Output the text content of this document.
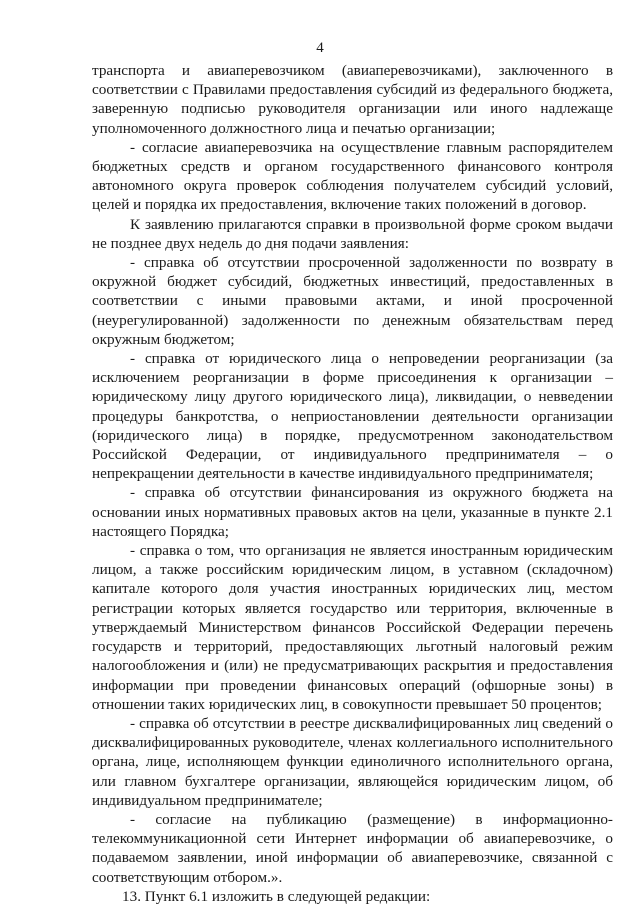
4

транспорта и авиаперевозчиком (авиаперевозчиками), заключенного в соответствии с Правилами предоставления субсидий из федерального бюджета, заверенную подписью руководителя организации или иного надлежаще уполномоченного должностного лица и печатью организации;

- согласие авиаперевозчика на осуществление главным распорядителем бюджетных средств и органом государственного финансового контроля автономного округа проверок соблюдения получателем субсидий условий, целей и порядка их предоставления, включение таких положений в договор.

К заявлению прилагаются справки в произвольной форме сроком выдачи не позднее двух недель до дня подачи заявления:

- справка об отсутствии просроченной задолженности по возврату в окружной бюджет субсидий, бюджетных инвестиций, предоставленных в соответствии с иными правовыми актами, и иной просроченной (неурегулированной) задолженности по денежным обязательствам перед окружным бюджетом;

- справка от юридического лица о непроведении реорганизации (за исключением реорганизации в форме присоединения к организации – юридическому лицу другого юридического лица), ликвидации, о невведении процедуры банкротства, о неприостановлении деятельности организации (юридического лица) в порядке, предусмотренном законодательством Российской Федерации, от индивидуального предпринимателя – о непрекращении деятельности в качестве индивидуального предпринимателя;

- справка об отсутствии финансирования из окружного бюджета на основании иных нормативных правовых актов на цели, указанные в пункте 2.1 настоящего Порядка;

- справка о том, что организация не является иностранным юридическим лицом, а также российским юридическим лицом, в уставном (складочном) капитале которого доля участия иностранных юридических лиц, местом регистрации которых является государство или территория, включенные в утверждаемый Министерством финансов Российской Федерации перечень государств и территорий, предоставляющих льготный налоговый режим налогообложения и (или) не предусматривающих раскрытия и предоставления информации при проведении финансовых операций (офшорные зоны) в отношении таких юридических лиц, в совокупности превышает 50 процентов;

- справка об отсутствии в реестре дисквалифицированных лиц сведений о дисквалифицированных руководителе, членах коллегиального исполнительного органа, лице, исполняющем функции единоличного исполнительного органа, или главном бухгалтере организации, являющейся юридическим лицом, об индивидуальном предпринимателе;

- согласие на публикацию (размещение) в информационно-телекоммуникационной сети Интернет информации об авиаперевозчике, о подаваемом заявлении, иной информации об авиаперевозчике, связанной с соответствующим отбором.».

13. Пункт 6.1 изложить в следующей редакции:
